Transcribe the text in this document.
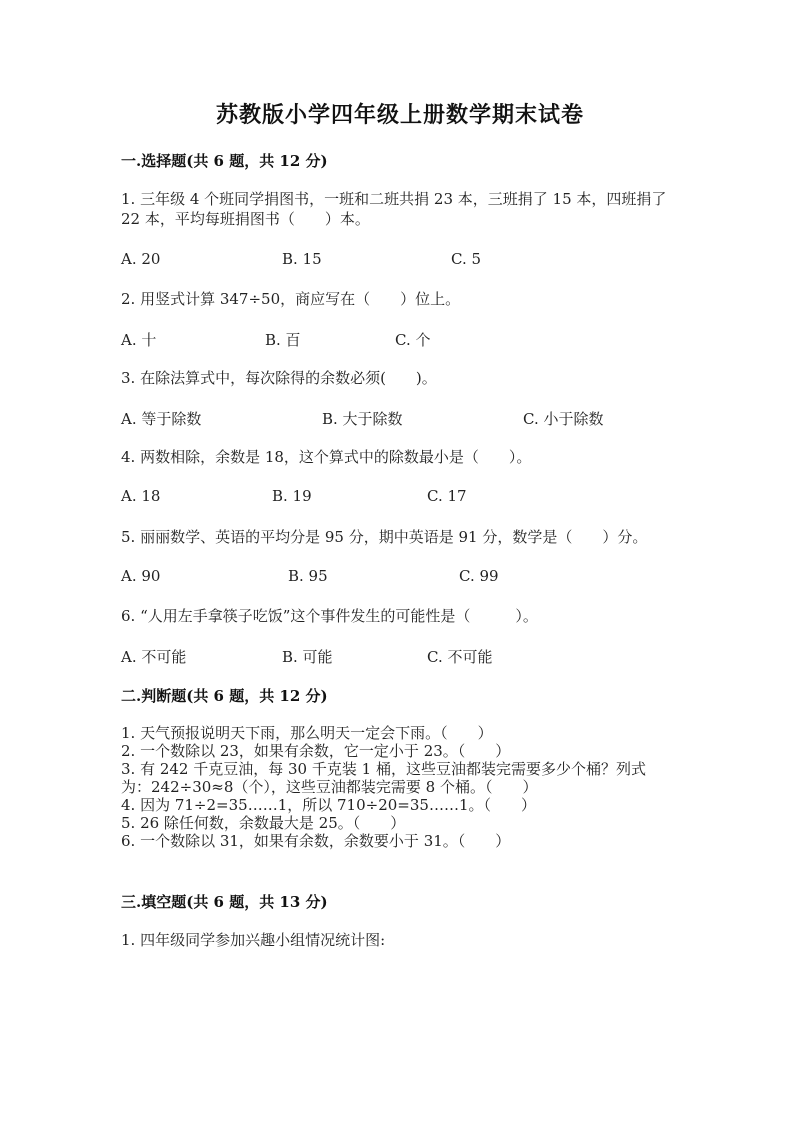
苏教版小学四年级上册数学期末试卷
一.选择题(共 6 题，共 12 分)
1. 三年级 4 个班同学捐图书，一班和二班共捐 23 本，三班捐了 15 本，四班捐了 22 本，平均每班捐图书（　　）本。
A. 20	B. 15	C. 5
2. 用竖式计算 347÷50，商应写在（　　）位上。
A. 十	B. 百	C. 个
3. 在除法算式中，每次除得的余数必须(　　)。
A. 等于除数	B. 大于除数	C. 小于除数
4. 两数相除，余数是 18，这个算式中的除数最小是（　　）。
A. 18	B. 19	C. 17
5. 丽丽数学、英语的平均分是 95 分，期中英语是 91 分，数学是（　　）分。
A. 90	B. 95	C. 99
6. “人用左手拿筷子吃饭”这个事件发生的可能性是（　　　）。
A. 不可能	B. 可能	C. 不可能
二.判断题(共 6 题，共 12 分)
1. 天气预报说明天下雨，那么明天一定会下雨。（　　）
2. 一个数除以 23，如果有余数，它一定小于 23。（　　）
3. 有 242 千克豆油，每 30 千克装 1 桶，这些豆油都装完需要多少个桶？列式
为：242÷30≈8（个），这些豆油都装完需要 8 个桶。（　　）
4. 因为 71÷2=35……1，所以 710÷20=35……1。（　　）
5. 26 除任何数，余数最大是 25。（　　）
6. 一个数除以 31，如果有余数，余数要小于 31。（　　）
三.填空题(共 6 题，共 13 分)
1. 四年级同学参加兴趣小组情况统计图:
